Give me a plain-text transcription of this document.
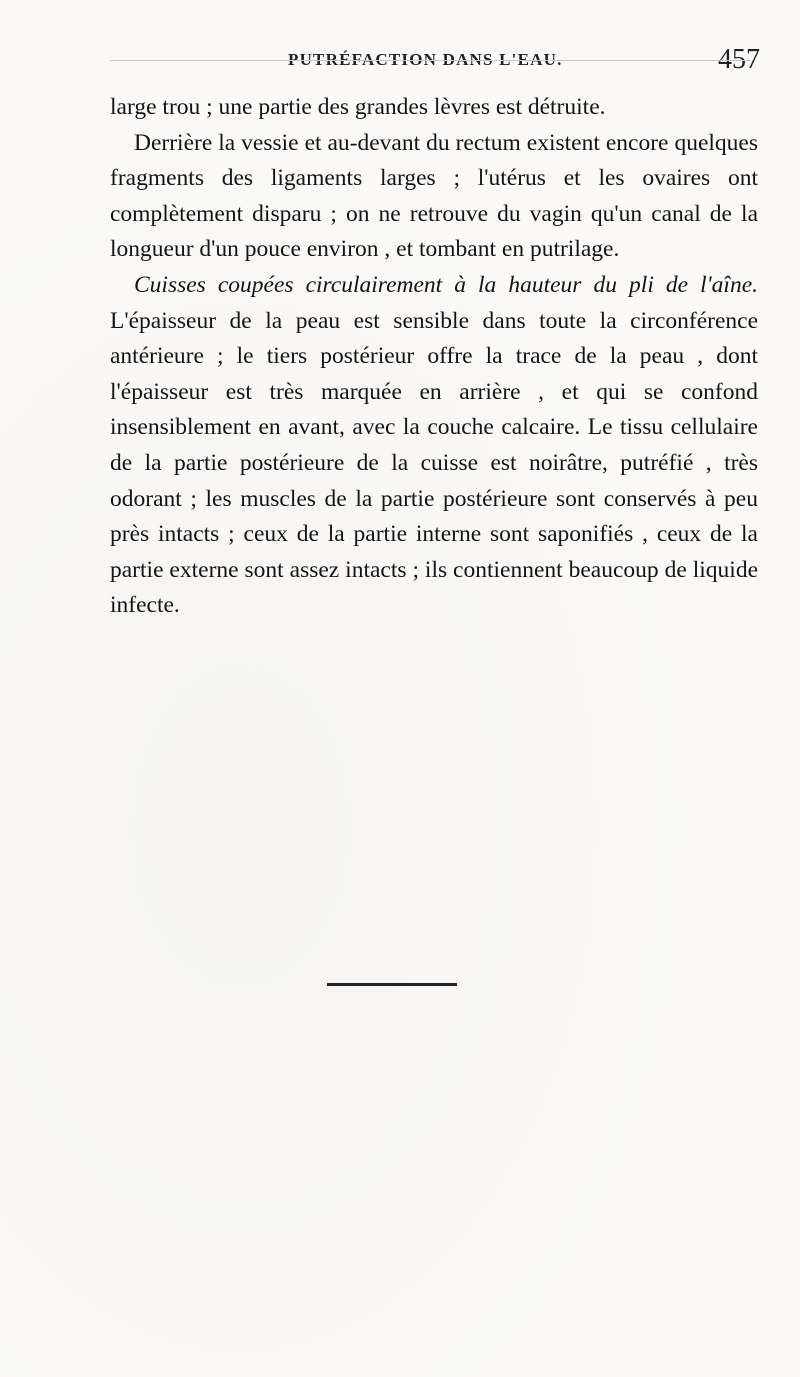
PUTRÉFACTION DANS L'EAU.	457

large trou ; une partie des grandes lèvres est détruite.

Derrière la vessie et au-devant du rectum existent encore quelques fragments des ligaments larges ; l'utérus et les ovaires ont complètement disparu ; on ne retrouve du vagin qu'un canal de la longueur d'un pouce environ , et tombant en putrilage.

Cuisses coupées circulairement à la hauteur du pli de l'aîne. L'épaisseur de la peau est sensible dans toute la circonférence antérieure ; le tiers postérieur offre la trace de la peau , dont l'épaisseur est très marquée en arrière , et qui se confond insensiblement en avant, avec la couche calcaire. Le tissu cellulaire de la partie postérieure de la cuisse est noirâtre, putréfié , très odorant ; les muscles de la partie postérieure sont conservés à peu près intacts ; ceux de la partie interne sont saponifiés , ceux de la partie externe sont assez intacts ; ils contiennent beaucoup de liquide infecte.
